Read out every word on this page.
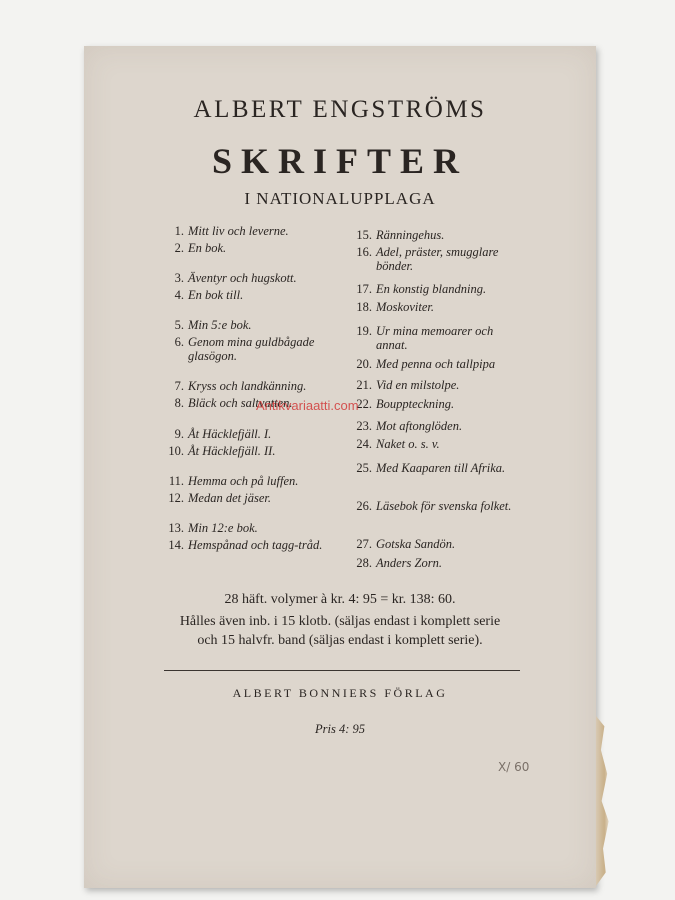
ALBERT ENGSTRÖMS
SKRIFTER
I NATIONALUPPLAGA
1. Mitt liv och leverne.
2. En bok.
3. Äventyr och hugskott.
4. En bok till.
5. Min 5:e bok.
6. Genom mina guldbågade glasögon.
7. Kryss och landkänning.
8. Bläck och saltvatten.
9. Åt Häcklefjäll. I.
10. Åt Häcklefjäll. II.
11. Hemma och på luffen.
12. Medan det jäser.
13. Min 12:e bok.
14. Hemspånad och tagg-tråd.
15. Ränningehus.
16. Adel, präster, smugglare bönder.
17. En konstig blandning.
18. Moskoviter.
19. Ur mina memoarer och annat.
20. Med penna och tallpipa
21. Vid en milstolpe.
22. Bouppteckning.
23. Mot aftonglöden.
24. Naket o. s. v.
25. Med Kaaparen till Afrika.
26. Läsebok för svenska folket.
27. Gotska Sandön.
28. Anders Zorn.
Antikvariaatti.com
28 häft. volymer à kr. 4: 95 = kr. 138: 60.
Hålles även inb. i 15 klotb. (säljas endast i komplett serie
och 15 halvfr. band (säljas endast i komplett serie).
ALBERT BONNIERS FÖRLAG
Pris 4: 95
X/ 60
